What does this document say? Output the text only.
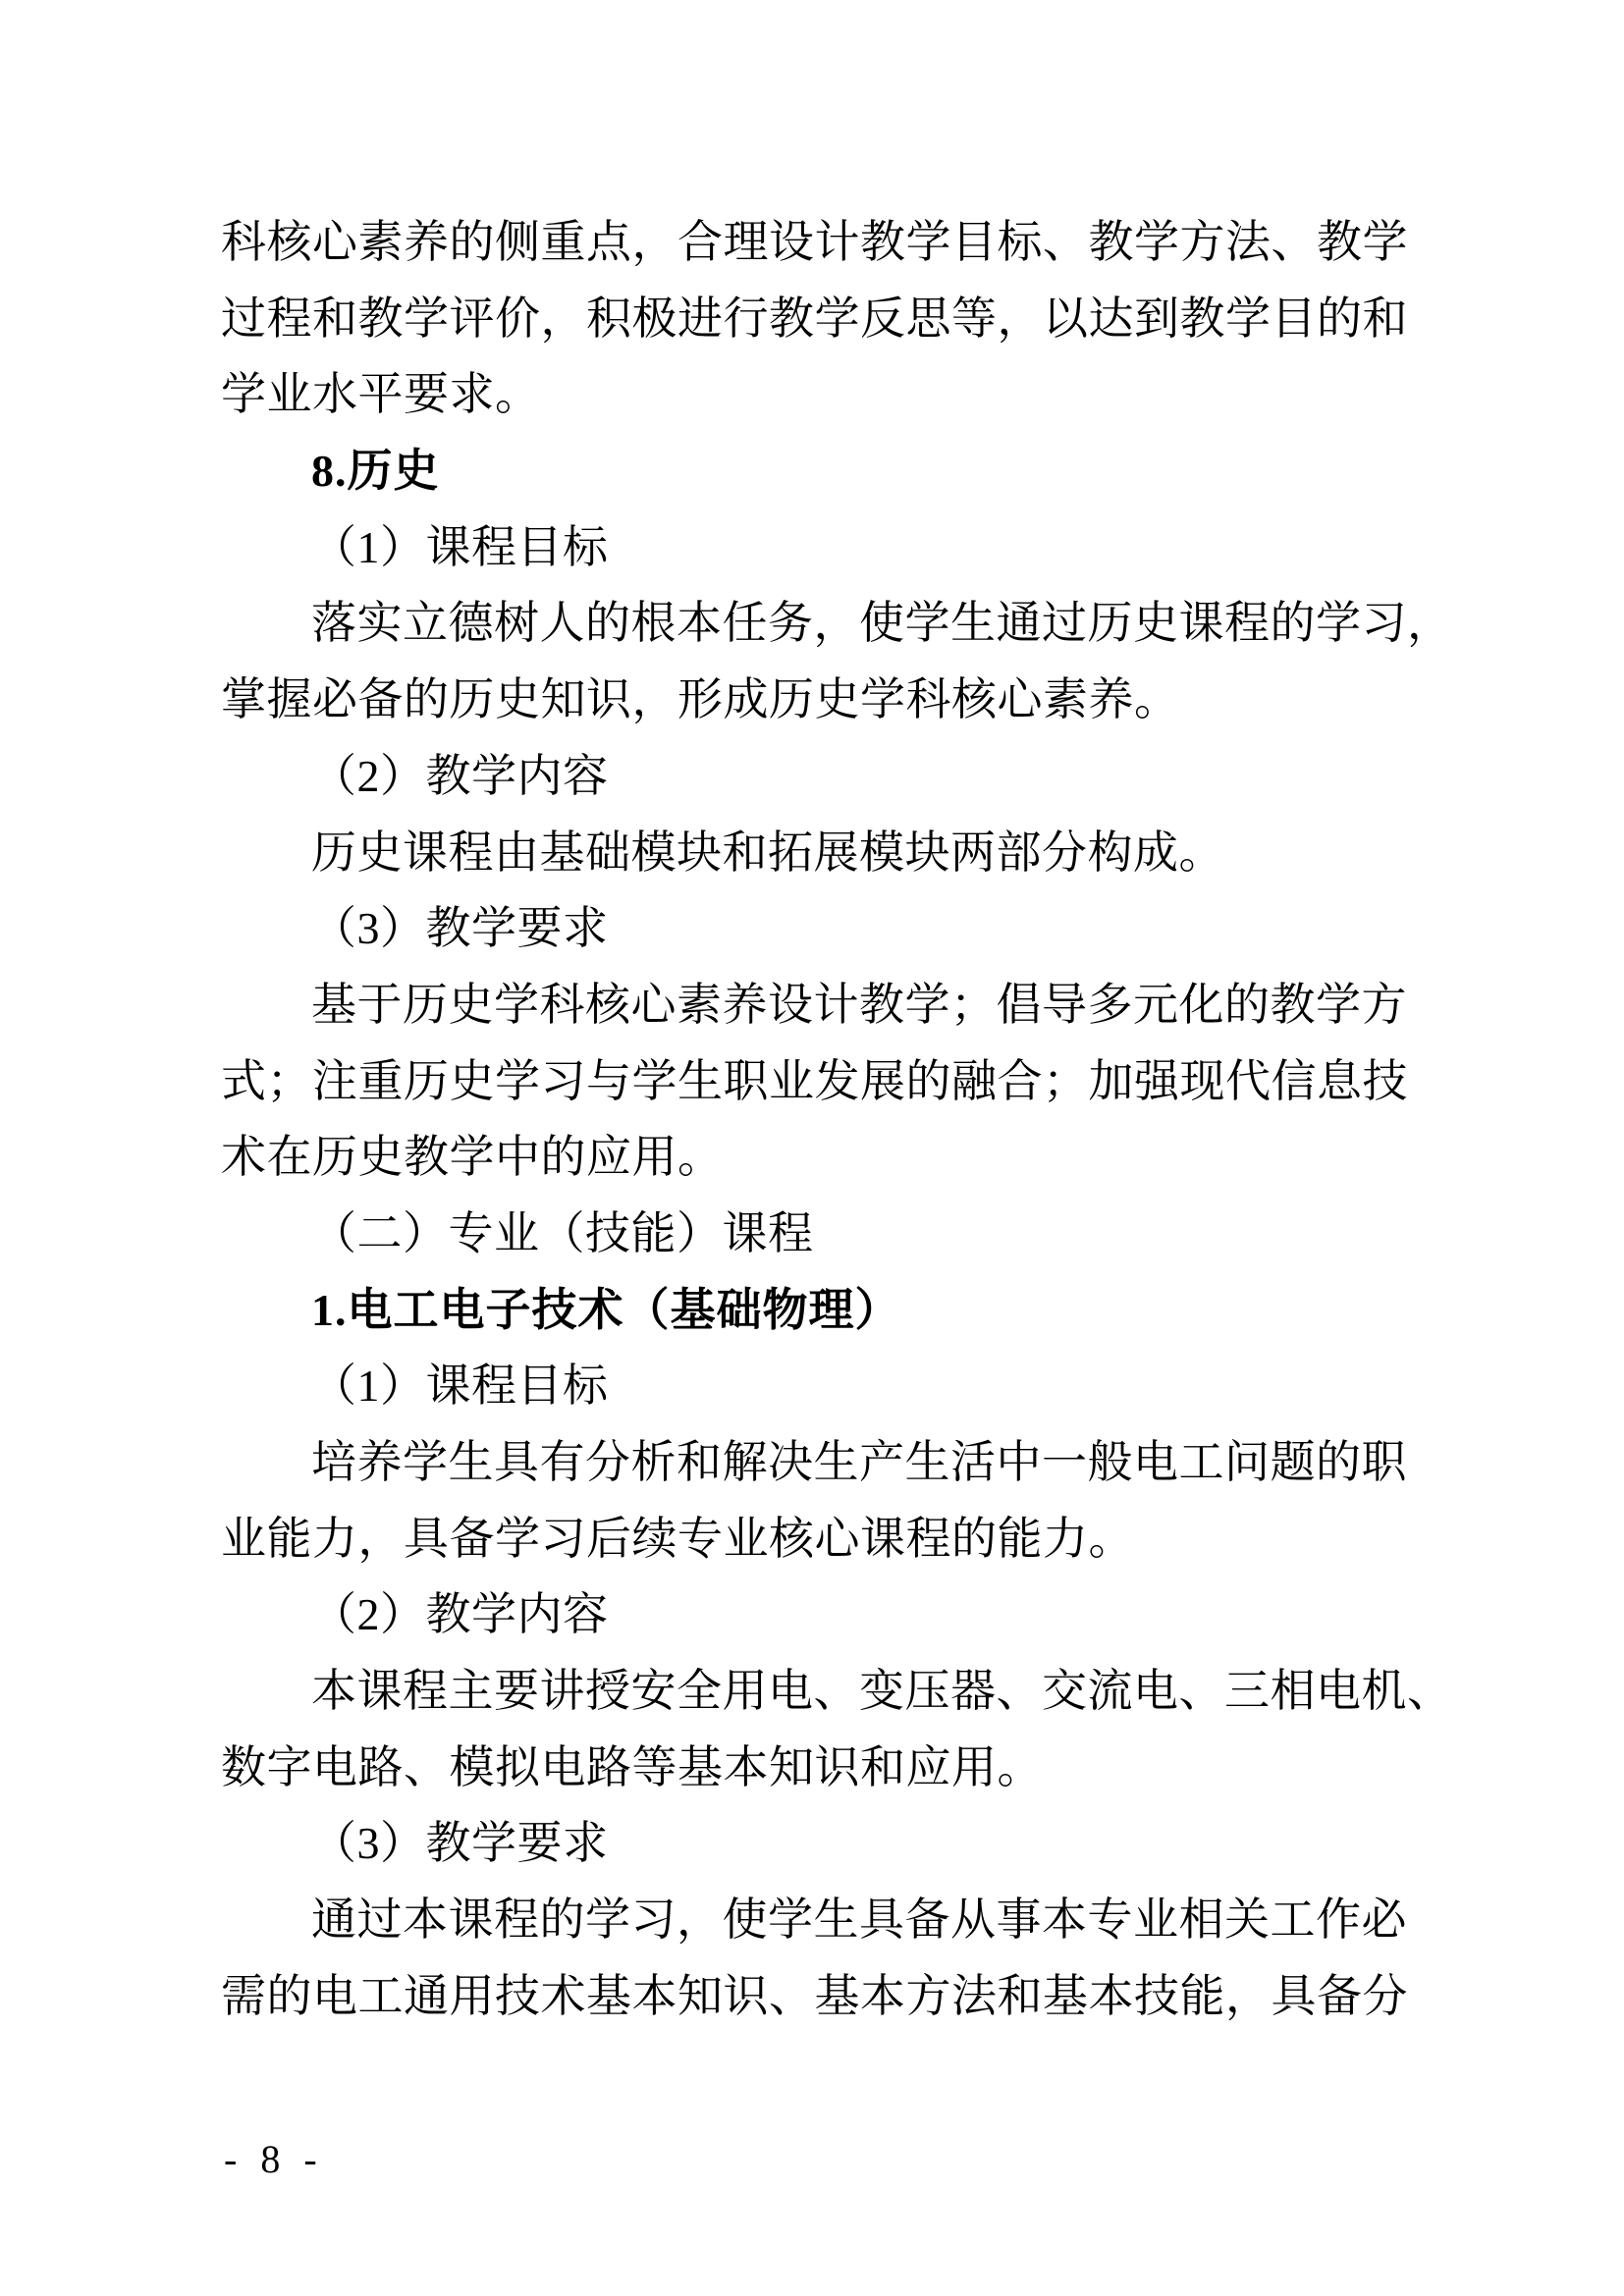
科核心素养的侧重点，合理设计教学目标、教学方法、教学
过程和教学评价，积极进行教学反思等，以达到教学目的和
学业水平要求。
8.历史
（1）课程目标
落实立德树人的根本任务，使学生通过历史课程的学习，
掌握必备的历史知识，形成历史学科核心素养。
（2）教学内容
历史课程由基础模块和拓展模块两部分构成。
（3）教学要求
基于历史学科核心素养设计教学；倡导多元化的教学方
式；注重历史学习与学生职业发展的融合；加强现代信息技
术在历史教学中的应用。
（二）专业（技能）课程
1.电工电子技术（基础物理）
（1）课程目标
培养学生具有分析和解决生产生活中一般电工问题的职
业能力，具备学习后续专业核心课程的能力。
（2）教学内容
本课程主要讲授安全用电、变压器、交流电、三相电机、
数字电路、模拟电路等基本知识和应用。
（3）教学要求
通过本课程的学习，使学生具备从事本专业相关工作必
需的电工通用技术基本知识、基本方法和基本技能，具备分
- 8 -
